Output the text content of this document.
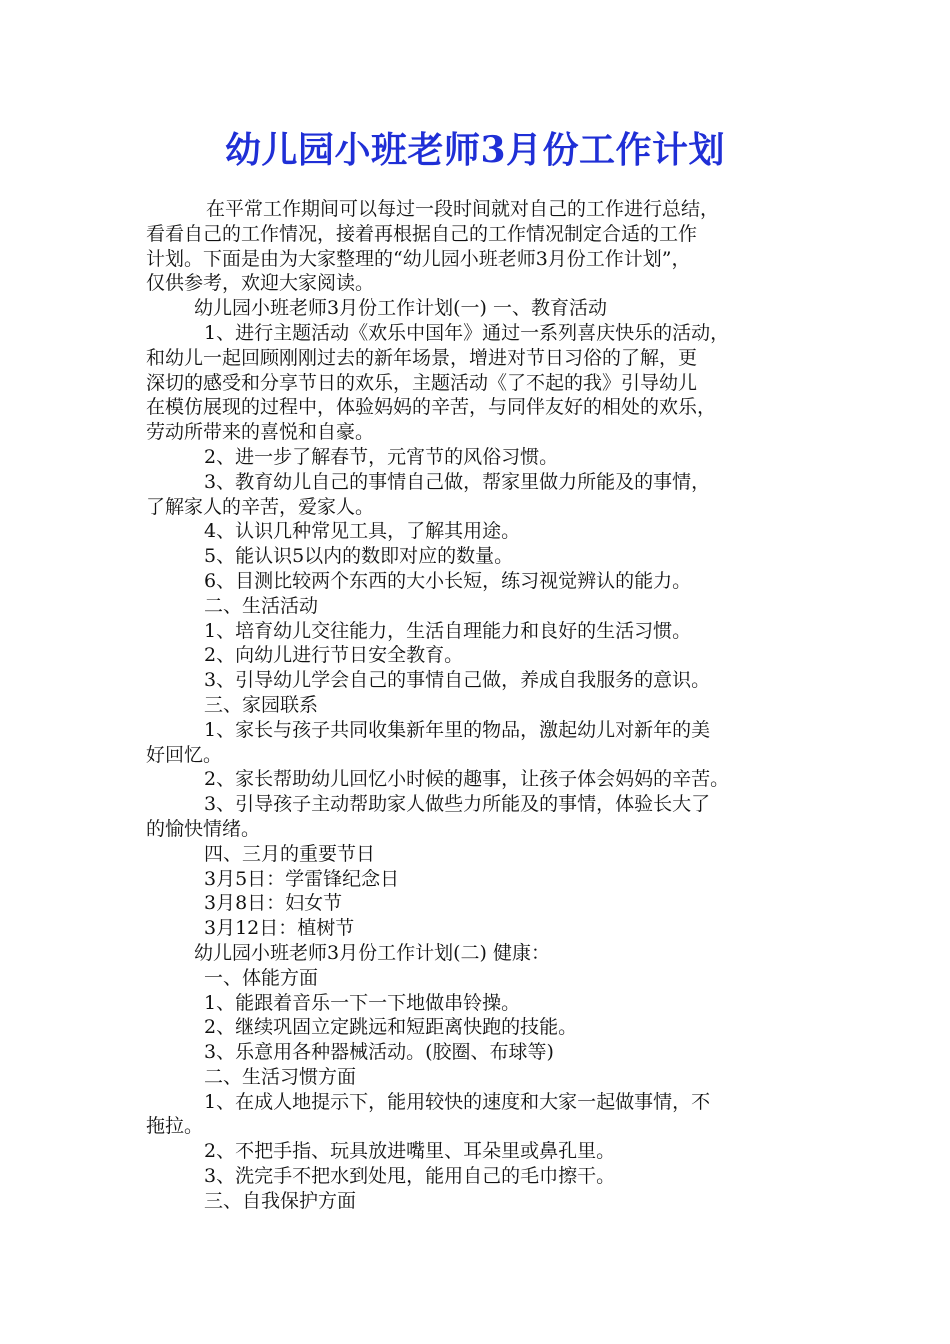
幼儿园小班老师3月份工作计划

在平常工作期间可以每过一段时间就对自己的工作进行总结，

看看自己的工作情况，接着再根据自己的工作情况制定合适的工作

计划。下面是由为大家整理的“幼儿园小班老师3月份工作计划”，

仅供参考，欢迎大家阅读。

幼儿园小班老师3月份工作计划(一) 一、教育活动

1、进行主题活动《欢乐中国年》通过一系列喜庆快乐的活动，

和幼儿一起回顾刚刚过去的新年场景，增进对节日习俗的了解，更

深切的感受和分享节日的欢乐，主题活动《了不起的我》引导幼儿

在模仿展现的过程中，体验妈妈的辛苦，与同伴友好的相处的欢乐，

劳动所带来的喜悦和自豪。

2、进一步了解春节，元宵节的风俗习惯。

3、教育幼儿自己的事情自己做，帮家里做力所能及的事情，

了解家人的辛苦，爱家人。

4、认识几种常见工具，了解其用途。

5、能认识5以内的数即对应的数量。

6、目测比较两个东西的大小长短，练习视觉辨认的能力。

二、生活活动

1、培育幼儿交往能力，生活自理能力和良好的生活习惯。

2、向幼儿进行节日安全教育。

3、引导幼儿学会自己的事情自己做，养成自我服务的意识。

三、家园联系

1、家长与孩子共同收集新年里的物品，激起幼儿对新年的美

好回忆。

2、家长帮助幼儿回忆小时候的趣事，让孩子体会妈妈的辛苦。

3、引导孩子主动帮助家人做些力所能及的事情，体验长大了

的愉快情绪。

四、三月的重要节日

3月5日：学雷锋纪念日

3月8日：妇女节

3月12日：植树节

幼儿园小班老师3月份工作计划(二) 健康：

一、体能方面

1、能跟着音乐一下一下地做串铃操。

2、继续巩固立定跳远和短距离快跑的技能。

3、乐意用各种器械活动。(胶圈、布球等)

二、生活习惯方面

1、在成人地提示下，能用较快的速度和大家一起做事情，不

拖拉。

2、不把手指、玩具放进嘴里、耳朵里或鼻孔里。

3、洗完手不把水到处甩，能用自己的毛巾擦干。

三、自我保护方面
